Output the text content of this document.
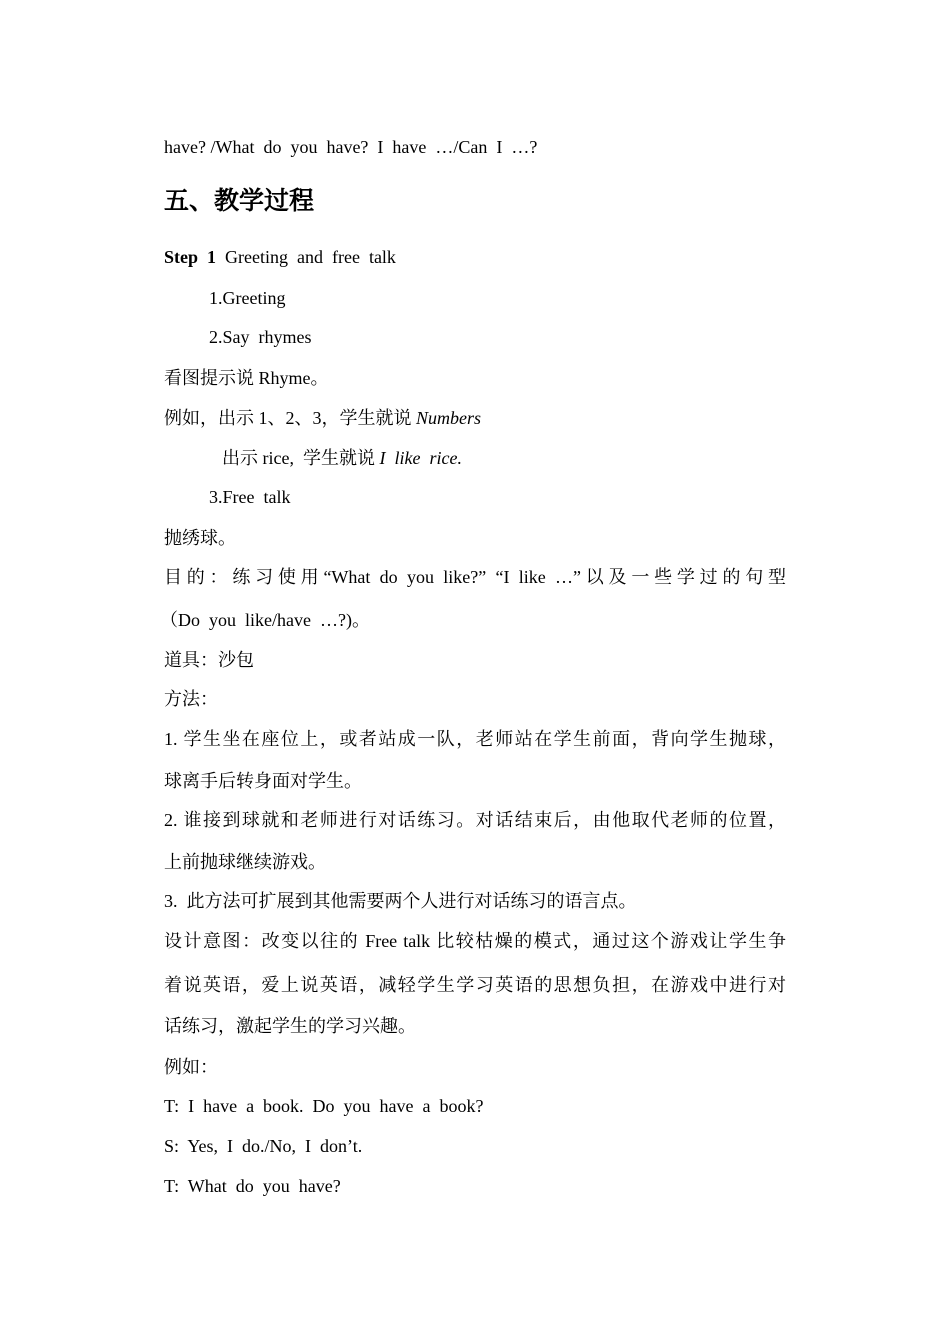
have? /What  do  you  have?  I  have  …/Can  I  …?
五、教学过程
Step  1  Greeting  and  free  talk
1.Greeting
2.Say  rhymes
看图提示说 Rhyme。
例如，出示 1、2、3，学生就说 Numbers
出示 rice,  学生就说 I  like  rice.
3.Free  talk
抛绣球。
目的：练习使用“What do you like?” “I like …”以及一些学过的句型
（Do  you  like/have  …?)。
道具：沙包
方法：
1. 学生坐在座位上，或者站成一队，老师站在学生前面，背向学生抛球，
球离手后转身面对学生。
2. 谁接到球就和老师进行对话练习。对话结束后，由他取代老师的位置，
上前抛球继续游戏。
3.  此方法可扩展到其他需要两个人进行对话练习的语言点。
设计意图：改变以往的 Free talk 比较枯燥的模式，通过这个游戏让学生争
着说英语，爱上说英语，减轻学生学习英语的思想负担，在游戏中进行对
话练习，激起学生的学习兴趣。
例如：
T:  I  have  a  book.  Do  you  have  a  book?
S:  Yes,  I  do./No,  I  don’t.
T:  What  do  you  have?
